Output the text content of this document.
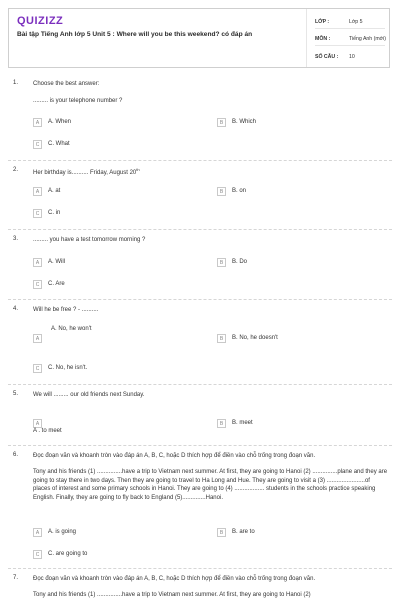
QUIZIZZ
Bài tập Tiếng Anh lớp 5 Unit 5 : Where will you be this weekend? có đáp án
LỚP :	Lớp 5
MÔN :	Tiếng Anh (mới)
SỐ CÂU : 10
1. Choose the best answer:
......... is your telephone number ?
A	A. When	B	B. Which
C	C. What
2. Her birthday is.......... Friday, August 20th
A	A. at	B	B. on
C	C. in
3. ......... you have a test tomorrow morning ?
A	A. Will	B	B. Do
C	C. Are
4. Will he be free ? - ..........
A
A. No, he won't
B	B. No, he doesn't
C	C. No, he isn't.
5. We will ......... our old friends next Sunday.
A
A . to meet
B	B. meet
6. Đọc đoạn văn và khoanh tròn vào đáp án A, B, C, hoặc D thích hợp để điền vào chỗ trống trong đoạn văn.
Tony and his friends (1) ...............have a trip to Vietnam next summer. At first, they are going to Hanoi (2) ...............plane and they are going to stay there in two days. Then they are going to travel to Ha Long and Hue. They are going to visit a (3) .......................of places of interest and some primary schools in Hanoi. They are going to (4) .................. students in the schools practice speaking English. Finally, they are going to fly back to England (5)..............Hanoi.
A	A. is going	B	B. are to
C	C. are going to
7. Đọc đoạn văn và khoanh tròn vào đáp án A, B, C, hoặc D thích hợp để điền vào chỗ trống trong đoạn văn.
Tony and his friends (1) ...............have a trip to Vietnam next summer. At first, they are going to Hanoi (2)
